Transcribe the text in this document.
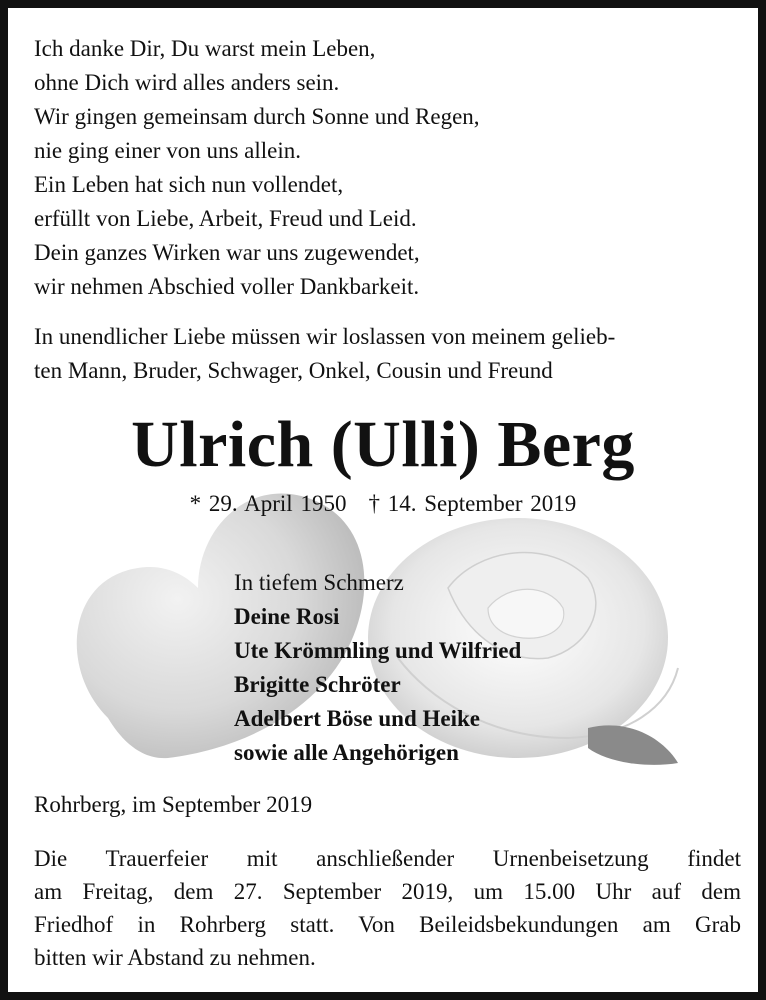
Ich danke Dir, Du warst mein Leben,
ohne Dich wird alles anders sein.
Wir gingen gemeinsam durch Sonne und Regen,
nie ging einer von uns allein.
Ein Leben hat sich nun vollendet,
erfüllt von Liebe, Arbeit, Freud und Leid.
Dein ganzes Wirken war uns zugewendet,
wir nehmen Abschied voller Dankbarkeit.
In unendlicher Liebe müssen wir loslassen von meinem gelieb-
ten Mann, Bruder, Schwager, Onkel, Cousin und Freund
Ulrich (Ulli) Berg
* 29. April 1950 † 14. September 2019
In tiefem Schmerz
Deine Rosi
Ute Krömmling und Wilfried
Brigitte Schröter
Adelbert Böse und Heike
sowie alle Angehörigen
Rohrberg, im September 2019
Die Trauerfeier mit anschließender Urnenbeisetzung findet
am Freitag, dem 27. September 2019, um 15.00 Uhr auf dem
Friedhof in Rohrberg statt. Von Beileidsbekundungen am Grab
bitten wir Abstand zu nehmen.
